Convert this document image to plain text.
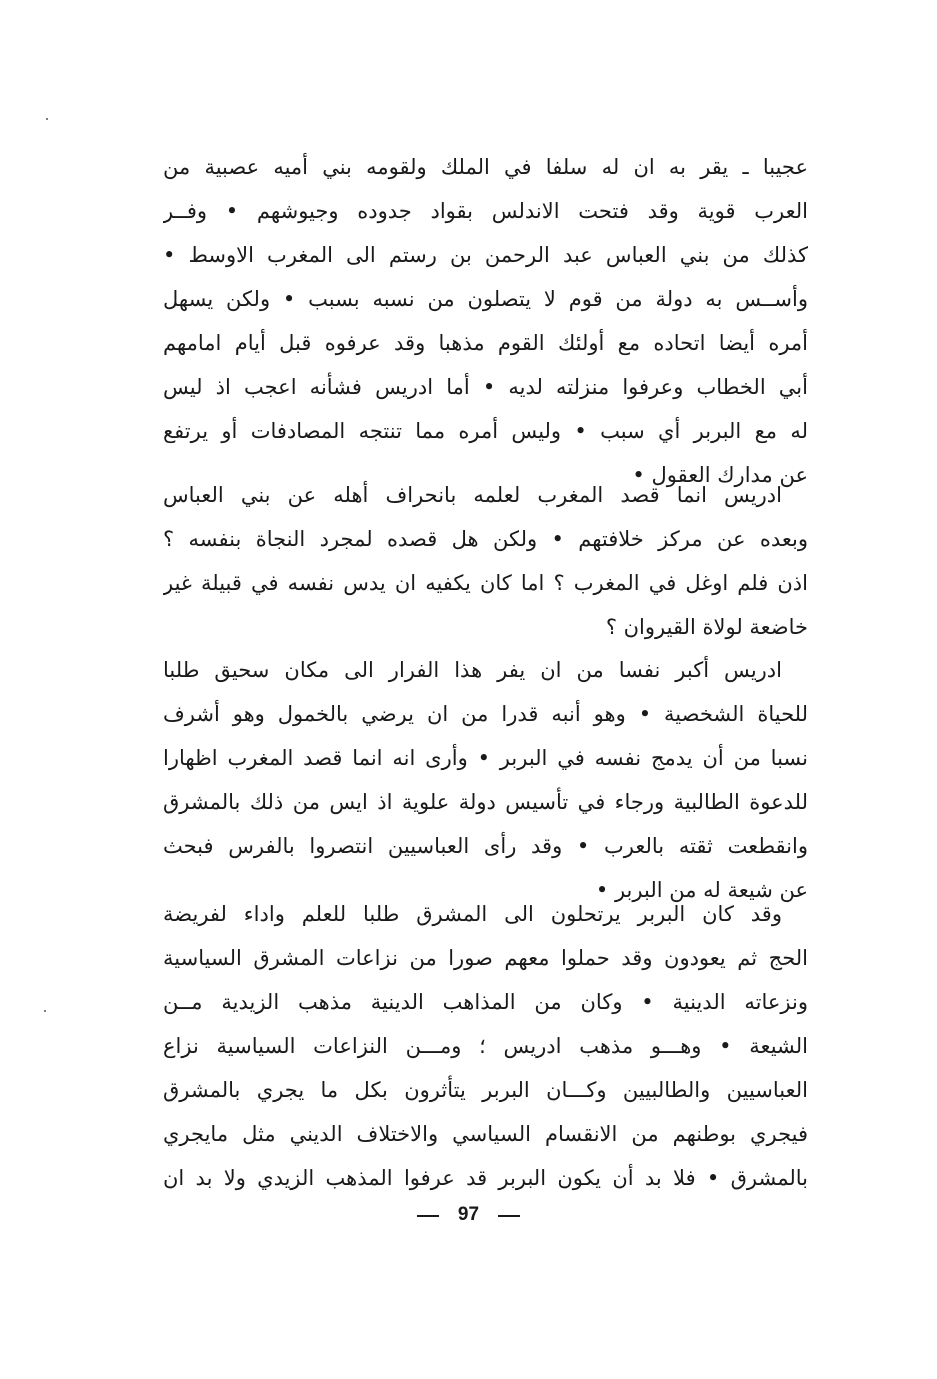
عجيبا ـ يقر به ان له سلفا في الملك ولقومه بني أميه عصبية من
العرب قوية وقد فتحت الاندلس بقواد جدوده وجيوشهم • وفــر
كذلك من بني العباس عبد الرحمن بن رستم الى المغرب الاوسط •
وأســس به دولة من قوم لا يتصلون من نسبه بسبب • ولكن يسهل
أمره أيضا اتحاده مع أولئك القوم مذهبا وقد عرفوه قبل أيام امامهم
أبي الخطاب وعرفوا منزلته لديه • أما ادريس فشأنه اعجب اذ ليس
له مع البربر أي سبب • وليس أمره مما تنتجه المصادفات أو يرتفع
عن مدارك العقول •
ادريس انما قصد المغرب لعلمه بانحراف أهله عن بني العباس
وبعده عن مركز خلافتهم • ولكن هل قصده لمجرد النجاة بنفسه ؟
اذن فلم اوغل في المغرب ؟ اما كان يكفيه ان يدس نفسه في قبيلة غير
خاضعة لولاة القيروان ؟
ادريس أكبر نفسا من ان يفر هذا الفرار الى مكان سحيق طلبا
للحياة الشخصية • وهو أنبه قدرا من ان يرضي بالخمول وهو أشرف
نسبا من أن يدمج نفسه في البربر • وأرى انه انما قصد المغرب اظهارا
للدعوة الطالبية ورجاء في تأسيس دولة علوية اذ ايس من ذلك بالمشرق
وانقطعت ثقته بالعرب • وقد رأى العباسيين انتصروا بالفرس فبحث
عن شيعة له من البربر •
وقد كان البربر يرتحلون الى المشرق طلبا للعلم واداء لفريضة
الحج ثم يعودون وقد حملوا معهم صورا من نزاعات المشرق السياسية
ونزعاته الدينية • وكان من المذاهب الدينية مذهب الزيدية مــن
الشيعة • وهـــو مذهب ادريس ؛ ومـــن النزاعات السياسية نزاع
العباسيين والطالبيين وكـــان البربر يتأثرون بكل ما يجري بالمشرق
فيجري بوطنهم من الانقسام السياسي والاختلاف الديني مثل مايجري
بالمشرق • فلا بد أن يكون البربر قد عرفوا المذهب الزيدي ولا بد ان
97
